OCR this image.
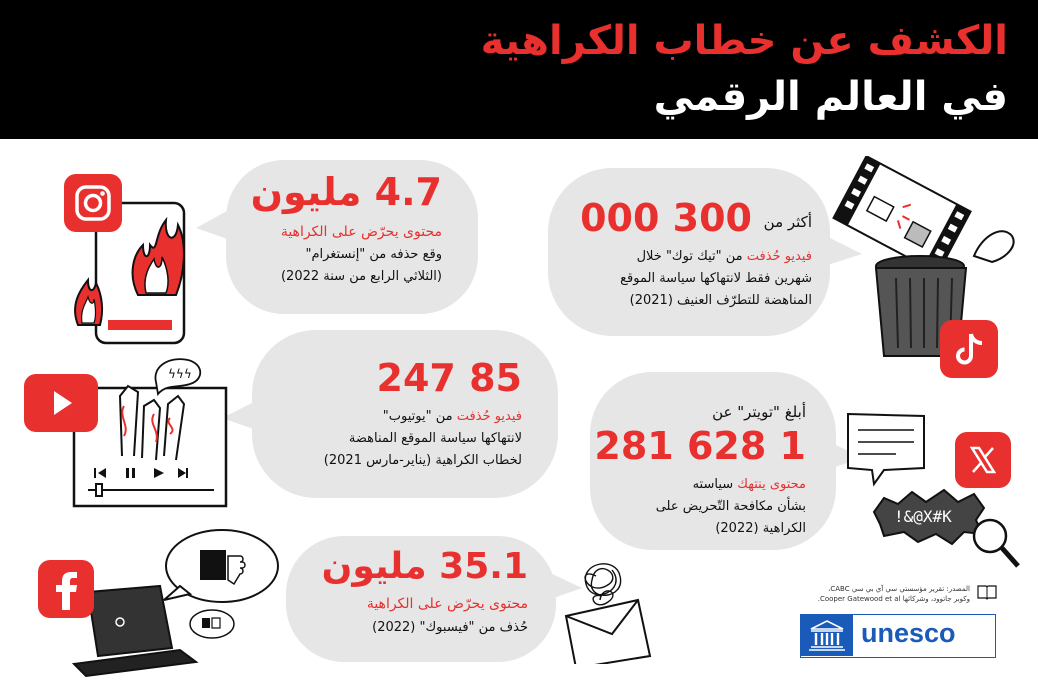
الكشف عن خطاب الكراهية
في العالم الرقمي
4.7 مليون
محتوى يحرّض على الكراهية
وقع حذفه من "إنستغرام"
(الثلاثي الرابع من سنة 2022)
أكثر من
300 000
فيديو حُذفت من "تيك توك" خلال
شهرين فقط لانتهاكها سياسة الموقع
المناهضة للتطرّف العنيف (2021)
85 247
فيديو حُذفت من "يوتيوب"
لانتهاكها سياسة الموقع المناهضة
لخطاب الكراهية (يناير-مارس 2021)
ϟϟϟ
أبلغ "تويتر" عن
1 628 281
محتوى ينتهك سياسته
بشأن مكافحة التّحريض على
الكراهية (2022)
!&@X#K
35.1 مليون
محتوى يحرّض على الكراهية
حُذف من "فيسبوك" (2022)
المصدر: تقرير مؤسستي سي آي بي سي CABC،
وكوبر جاتوود، وشركائها Cooper Gatewood et al.
unesco
